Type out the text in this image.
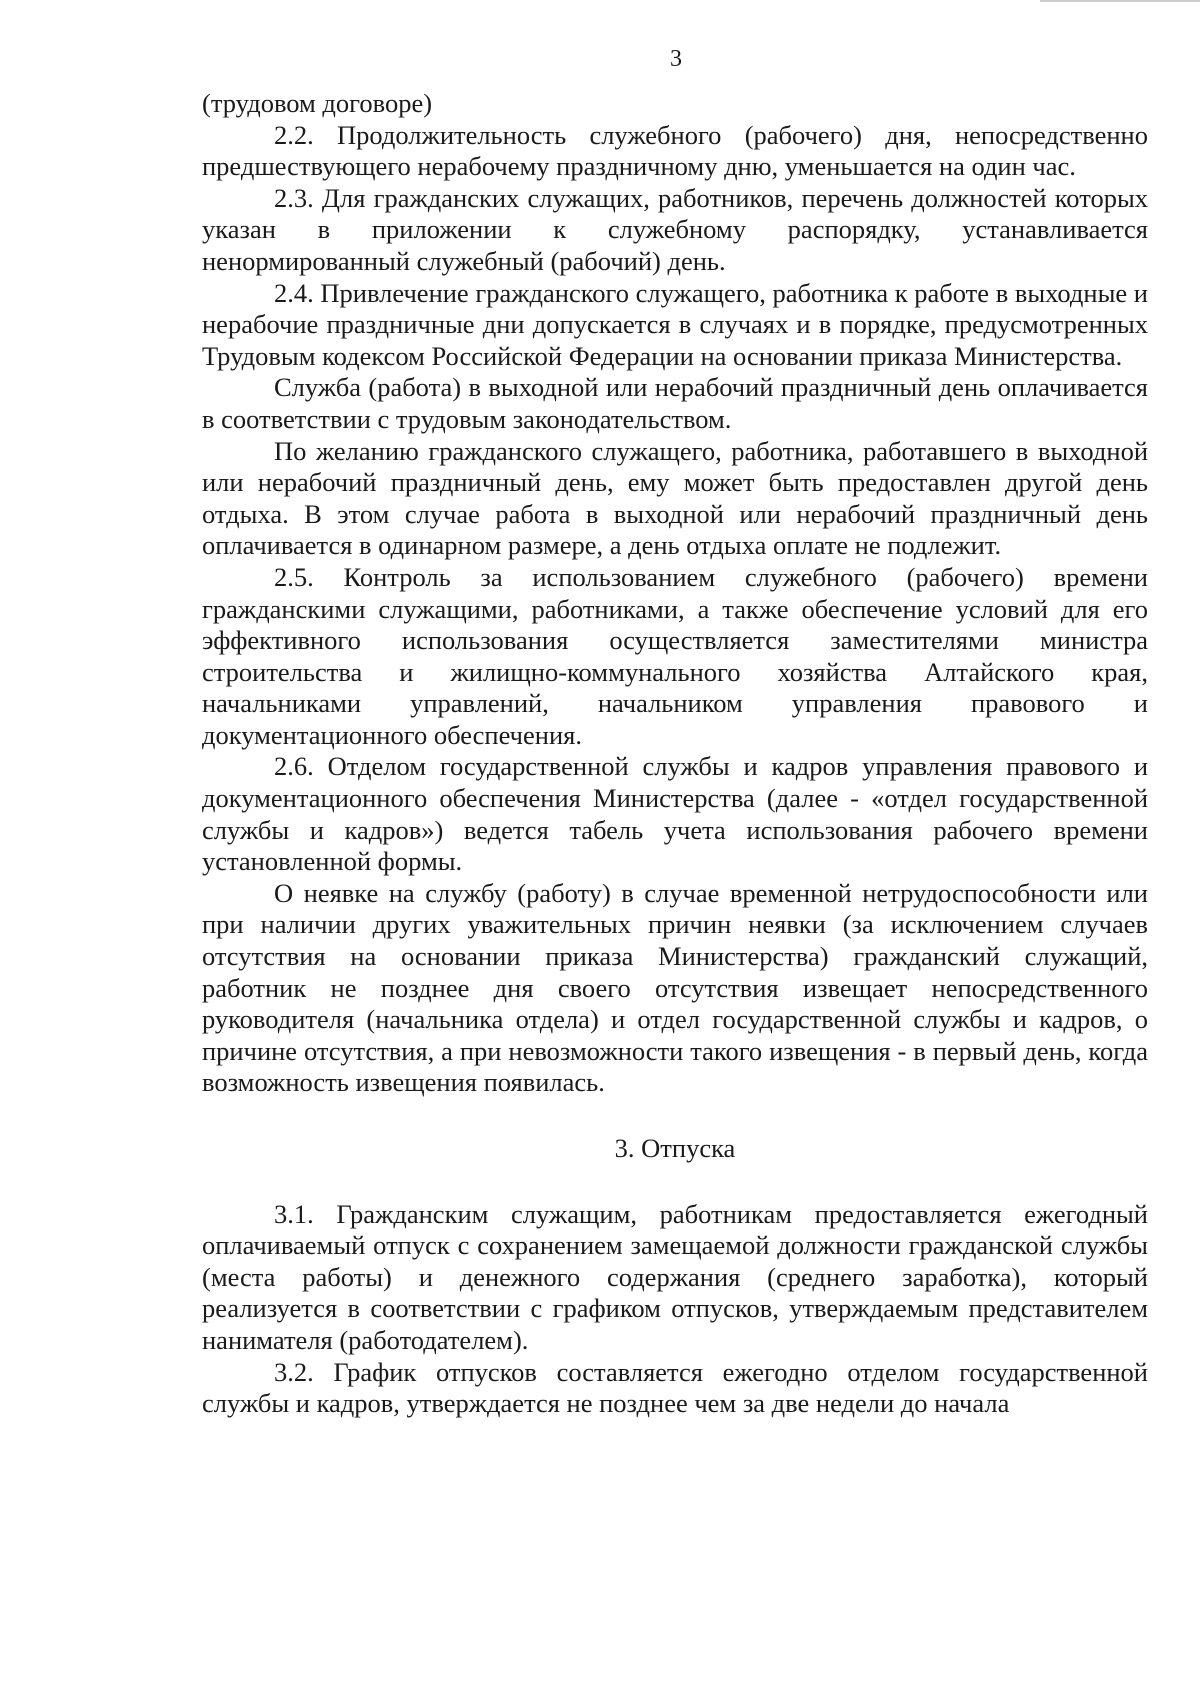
3

(трудовом договоре)

2.2. Продолжительность служебного (рабочего) дня, непосредственно предшествующего нерабочему праздничному дню, уменьшается на один час.

2.3. Для гражданских служащих, работников, перечень должностей которых указан в приложении к служебному распорядку, устанавливается ненормированный служебный (рабочий) день.

2.4. Привлечение гражданского служащего, работника к работе в выходные и нерабочие праздничные дни допускается в случаях и в порядке, предусмотренных Трудовым кодексом Российской Федерации на основании приказа Министерства.

Служба (работа) в выходной или нерабочий праздничный день оплачивается в соответствии с трудовым законодательством.

По желанию гражданского служащего, работника, работавшего в выходной или нерабочий праздничный день, ему может быть предоставлен другой день отдыха. В этом случае работа в выходной или нерабочий праздничный день оплачивается в одинарном размере, а день отдыха оплате не подлежит.

2.5. Контроль за использованием служебного (рабочего) времени гражданскими служащими, работниками, а также обеспечение условий для его эффективного использования осуществляется заместителями министра строительства и жилищно-коммунального хозяйства Алтайского края, начальниками управлений, начальником управления правового и документационного обеспечения.

2.6. Отделом государственной службы и кадров управления правового и документационного обеспечения Министерства (далее - «отдел государственной службы и кадров») ведется табель учета использования рабочего времени установленной формы.

О неявке на службу (работу) в случае временной нетрудоспособности или при наличии других уважительных причин неявки (за исключением случаев отсутствия на основании приказа Министерства) гражданский служащий, работник не позднее дня своего отсутствия извещает непосредственного руководителя (начальника отдела) и отдел государственной службы и кадров, о причине отсутствия, а при невозможности такого извещения - в первый день, когда возможность извещения появилась.

3. Отпуска

3.1. Гражданским служащим, работникам предоставляется ежегодный оплачиваемый отпуск с сохранением замещаемой должности гражданской службы (места работы) и денежного содержания (среднего заработка), который реализуется в соответствии с графиком отпусков, утверждаемым представителем нанимателя (работодателем).

3.2. График отпусков составляется ежегодно отделом государственной службы и кадров, утверждается не позднее чем за две недели до начала
